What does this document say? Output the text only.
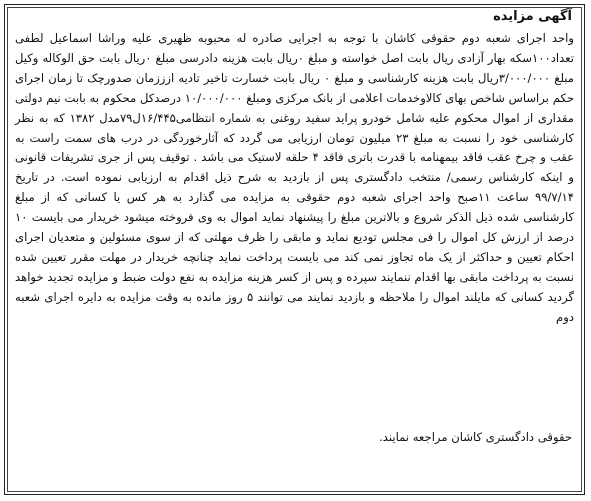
آگهی مزایده

واحد اجرای شعبه دوم حقوقی کاشان با توجه به اجرایی صادره له محبوبه ظهیری علیه وراشا اسماعیل لطفی تعداد۱۰۰سکه بهار آزادی ریال بابت اصل خواسته و مبلغ ۰ریال بابت هزینه دادرسی مبلغ ۰ریال بابت حق الوکاله وکیل مبلغ ۳/۰۰۰/۰۰۰ریال بابت هزینه کارشناسی و مبلغ ۰ ریال بابت خسارت تاخیر تادیه ازززمان صدورچک تا زمان اجرای حکم براساس شاخص بهای کالاوخدمات اعلامی از بانک مرکزی ومبلغ ۱۰/۰۰۰/۰۰۰ درصدکل محکوم به بابت نیم دولتی مقداری از اموال محکوم علیه شامل خودرو پراید سفید روغنی به شماره انتظامی۱۶/۴۴۵ل۷۹مدل ۱۳۸۲ که به نظر کارشناسی خود را نسبت به مبلغ ۲۳ میلیون تومان ارزیابی می گردد که آثارخوردگی در درب های سمت راست به عقب و چرخ عقب فاقد بیمهنامه با قدرت باتری فاقد ۴ حلقه لاستیک می باشد . توقیف پس از جری تشریفات قانونی و اینکه کارشناس رسمی/ منتخب دادگستری پس از بازدید به شرح ذیل اقدام به ارزیابی نموده است. در تاریخ ۹۹/۷/۱۴ ساعت ۱۱صبح واحد اجرای شعبه دوم حقوقی به مزایده می گذارد به هر کس یا کسانی که از مبلغ کارشناسی شده ذیل الذکر شروع و بالاترین مبلغ را پیشنهاد نماید اموال به وی فروخته میشود خریدار می بایست ۱۰ درصد از ارزش کل اموال را فی مجلس تودیع نماید و مابقی را ظرف مهلتی که از سوی مسئولین و متعدیان اجرای احکام تعیین و حداکثر از یک ماه تجاوز نمی کند می بایست پرداخت نماید چنانچه خریدار در مهلت مقرر تعیین شده نسبت به پرداخت مابقی بها اقدام ننمایند سپرده و پس از کسر هزینه مزایده به نفع دولت ضبط و مزایده تجدید خواهد گردید کسانی که مایلند اموال را ملاحظه و بازدید نمایند می توانند ۵ روز مانده به وقت مزایده به دایره اجرای شعبه دوم

حقوقی دادگستری کاشان مراجعه نمایند.
